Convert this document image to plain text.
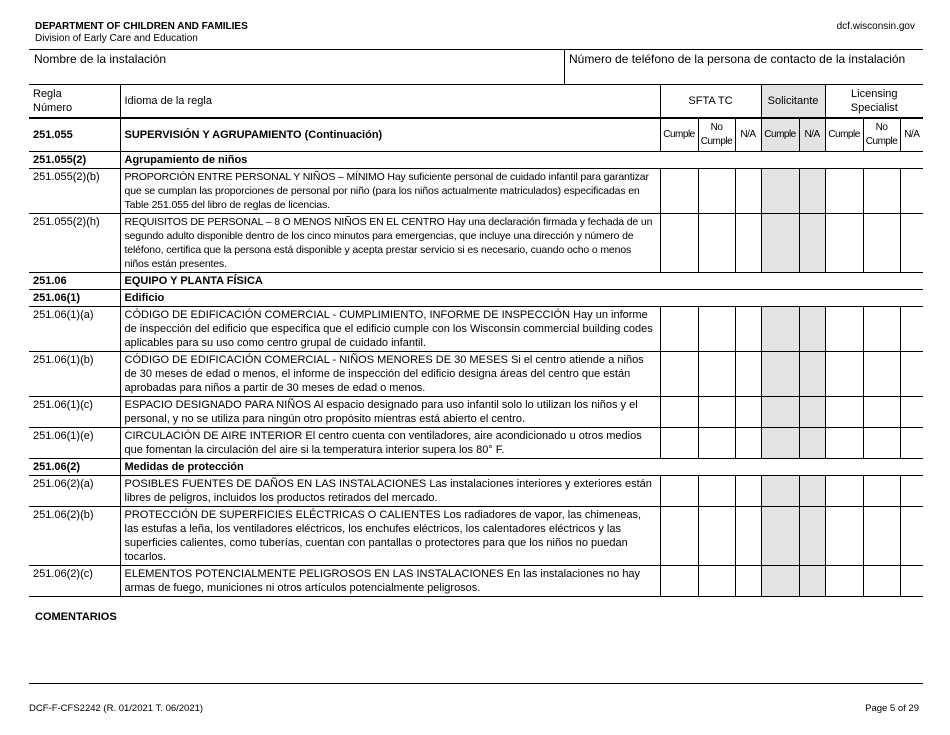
DEPARTMENT OF CHILDREN AND FAMILIES
Division of Early Care and Education
dcf.wisconsin.gov
Nombre de la instalación	Número de teléfono de la persona de contacto de la instalación
Regla
Número	Idioma de la regla	SFTA TC			Solicitante		Licensing
Specialist		
251.055	SUPERVISIÓN Y AGRUPAMIENTO (Continuación)	Cumple	No
Cumple	N/A	Cumple	N/A	Cumple	No
Cumple	N/A
251.055(2)	Agrupamiento de niños								
251.055(2)(b)	PROPORCIÓN ENTRE PERSONAL Y NIÑOS – MÍNIMO Hay suficiente personal de cuidado infantil para garantizar que se cumplan las proporciones de personal por niño (para los niños actualmente matriculados) especificadas en Table 251.055 del libro de reglas de licencias.								
251.055(2)(h)	REQUISITOS DE PERSONAL – 8 O MENOS NIÑOS EN EL CENTRO Hay una declaración firmada y fechada de un segundo adulto disponible dentro de los cinco minutos para emergencias, que incluye una dirección y número de teléfono, certifica que la persona está disponible y acepta prestar servicio si es necesario, cuando ocho o menos niños están presentes.								
251.06	EQUIPO Y PLANTA FÍSICA								
251.06(1)	Edificio								
251.06(1)(a)	CÓDIGO DE EDIFICACIÓN COMERCIAL - CUMPLIMIENTO, INFORME DE INSPECCIÓN Hay un informe de inspección del edificio que especifica que el edificio cumple con los Wisconsin commercial building codes aplicables para su uso como centro grupal de cuidado infantil.								
251.06(1)(b)	CÓDIGO DE EDIFICACIÓN COMERCIAL - NIÑOS MENORES DE 30 MESES Si el centro atiende a niños de 30 meses de edad o menos, el informe de inspección del edificio designa áreas del centro que están aprobadas para niños a partir de 30 meses de edad o menos.								
251.06(1)(c)	ESPACIO DESIGNADO PARA NIÑOS Al espacio designado para uso infantil solo lo utilizan los niños y el personal, y no se utiliza para ningún otro propósito mientras está abierto el centro.								
251.06(1)(e)	CIRCULACIÓN DE AIRE INTERIOR El centro cuenta con ventiladores, aire acondicionado u otros medios que fomentan la circulación del aire si la temperatura interior supera los 80° F.								
251.06(2)	Medidas de protección								
251.06(2)(a)	POSIBLES FUENTES DE DAÑOS EN LAS INSTALACIONES Las instalaciones interiores y exteriores están libres de peligros, incluidos los productos retirados del mercado.								
251.06(2)(b)	PROTECCIÓN DE SUPERFICIES ELÉCTRICAS O CALIENTES Los radiadores de vapor, las chimeneas, las estufas a leña, los ventiladores eléctricos, los enchufes eléctricos, los calentadores eléctricos y las superficies calientes, como tuberías, cuentan con pantallas o protectores para que los niños no puedan tocarlos.								
251.06(2)(c)	ELEMENTOS POTENCIALMENTE PELIGROSOS EN LAS INSTALACIONES En las instalaciones no hay armas de fuego, municiones ni otros artículos potencialmente peligrosos.								
COMENTARIOS
DCF-F-CFS2242 (R. 01/2021 T. 06/2021)	Page 5 of 29
